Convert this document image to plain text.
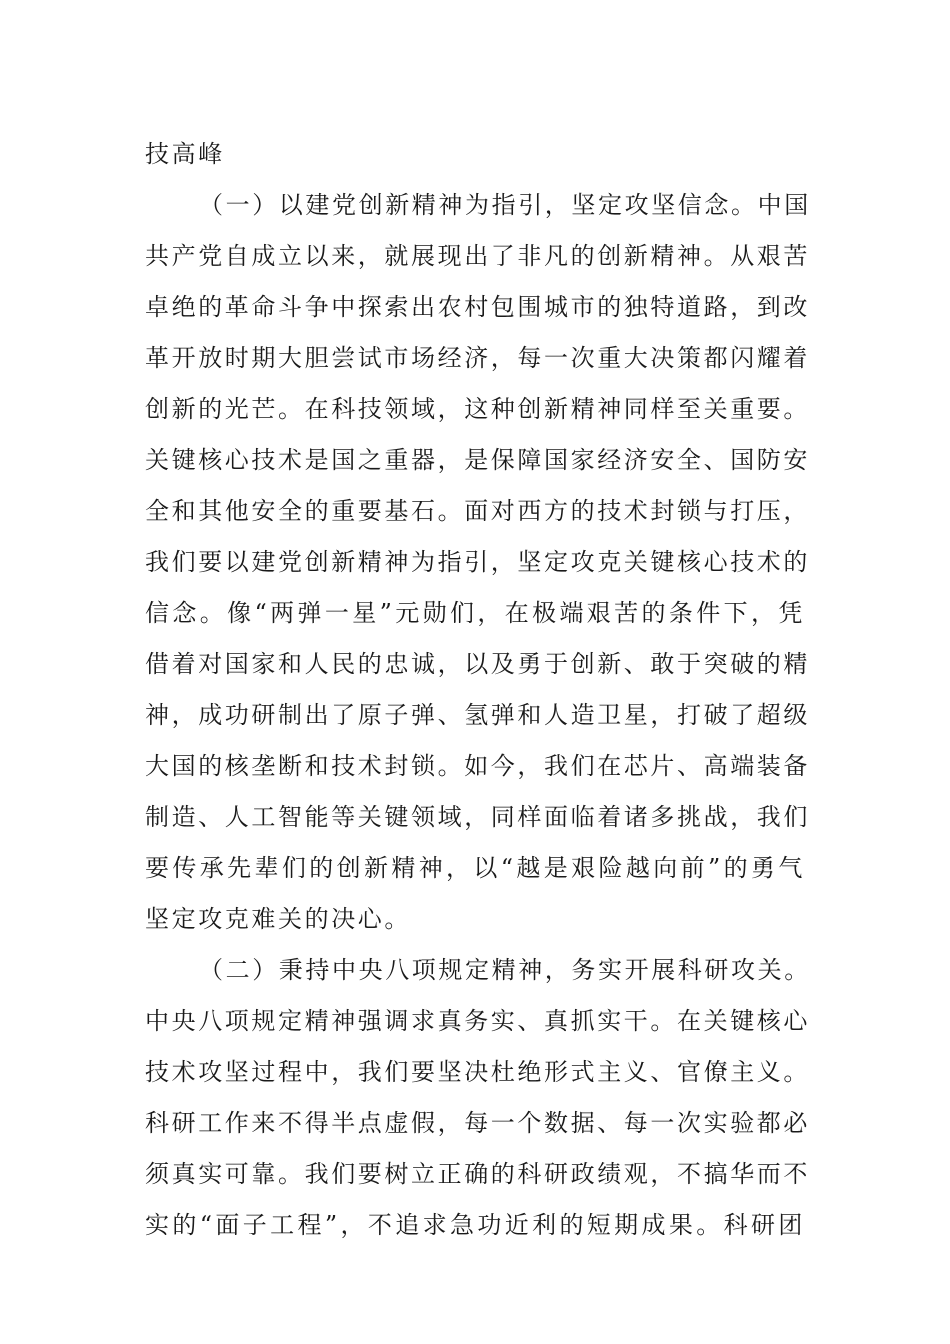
技高峰
（一）以建党创新精神为指引，坚定攻坚信念。中国
共产党自成立以来，就展现出了非凡的创新精神。从艰苦
卓绝的革命斗争中探索出农村包围城市的独特道路，到改
革开放时期大胆尝试市场经济，每一次重大决策都闪耀着
创新的光芒。在科技领域，这种创新精神同样至关重要。
关键核心技术是国之重器，是保障国家经济安全、国防安
全和其他安全的重要基石。面对西方的技术封锁与打压，
我们要以建党创新精神为指引，坚定攻克关键核心技术的
信念。像“两弹一星”元勋们，在极端艰苦的条件下，凭
借着对国家和人民的忠诚，以及勇于创新、敢于突破的精
神，成功研制出了原子弹、氢弹和人造卫星，打破了超级
大国的核垄断和技术封锁。如今，我们在芯片、高端装备
制造、人工智能等关键领域，同样面临着诸多挑战，我们
要传承先辈们的创新精神，以“越是艰险越向前”的勇气
坚定攻克难关的决心。
（二）秉持中央八项规定精神，务实开展科研攻关。
中央八项规定精神强调求真务实、真抓实干。在关键核心
技术攻坚过程中，我们要坚决杜绝形式主义、官僚主义。
科研工作来不得半点虚假，每一个数据、每一次实验都必
须真实可靠。我们要树立正确的科研政绩观，不搞华而不
实的“面子工程”，不追求急功近利的短期成果。科研团
